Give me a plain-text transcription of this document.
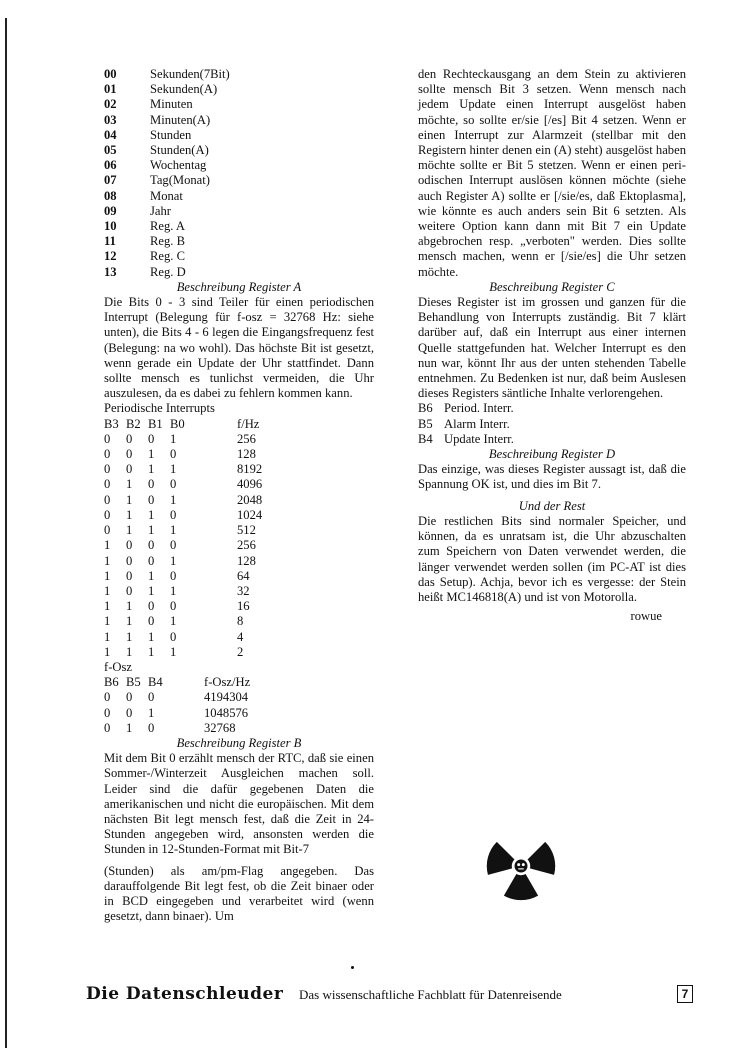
00	Sekunden(7Bit)
01	Sekunden(A)
02	Minuten
03	Minuten(A)
04	Stunden
05	Stunden(A)
06	Wochentag
07	Tag(Monat)
08	Monat
09	Jahr
10	Reg. A
11	Reg. B
12	Reg. C
13	Reg. D
Beschreibung Register A
Die Bits 0 - 3 sind Teiler für einen periodischen Interrupt (Belegung für f-osz = 32768 Hz: siehe unten), die Bits 4 - 6 legen die Eingangsfrequenz fest (Belegung: na wo wohl). Das höchste Bit ist gesetzt, wenn gerade ein Update der Uhr stattfindet. Dann sollte mensch es tunlichst vermeiden, die Uhr auszulesen, da es dabei zu fehlern kommen kann.
Periodische Interrupts
B3 B2 B1 B0	f/Hz
0	0	0	1	256
0	0	1	0	128
0	0	1	1	8192
0	1	0	0	4096
0	1	0	1	2048
0	1	1	0	1024
0	1	1	1	512
1	0	0	0	256
1	0	0	1	128
1	0	1	0	64
1	0	1	1	32
1	1	0	0	16
1	1	0	1	8
1	1	1	0	4
1	1	1	1	2
f-Osz
B6 B5 B4	f-Osz/Hz
0	0	0	4194304
0	0	1	1048576
0	1	0	32768
Beschreibung Register B
Mit dem Bit 0 erzählt mensch der RTC, daß sie einen Sommer-/Winterzeit Ausgleichen machen soll. Leider sind die dafür gegebenen Daten die amerikanischen und nicht die europäischen. Mit dem nächsten Bit legt mensch fest, daß die Zeit in 24-Stunden angegeben wird, ansonsten werden die Stunden in 12-Stunden-Format mit Bit-7
(Stunden) als am/pm-Flag angegeben. Das darauffolgende Bit legt fest, ob die Zeit binaer oder in BCD eingegeben und verarbeitet wird (wenn gesetzt, dann binaer). Um
den Rechteckausgang an dem Stein zu aktivieren sollte mensch Bit 3 setzen. Wenn mensch nach jedem Update einen Interrupt ausgelöst haben möchte, so sollte er/sie [/es] Bit 4 setzen. Wenn er einen Interrupt zur Alarmzeit (stellbar mit den Registern hinter denen ein (A) steht) ausgelöst haben möchte sollte er Bit 5 stetzen. Wenn er einen periodischen Interrupt auslösen können möchte (siehe auch Register A) sollte er [/sie/es, daß Ektoplasma], wie könnte es auch anders sein Bit 6 setzten. Als weitere Option kann dann mit Bit 7 ein Update abgebrochen resp. „verboten" werden. Dies sollte mensch machen, wenn er [/sie/es] die Uhr setzen möchte.
Beschreibung Register C
Dieses Register ist im grossen und ganzen für die Behandlung von Interrupts zuständig. Bit 7 klärt darüber auf, daß ein Interrupt aus einer internen Quelle stattgefunden hat. Welcher Interrupt es den nun war, könnt Ihr aus der unten stehenden Tabelle entnehmen. Zu Bedenken ist nur, daß beim Auslesen dieses Registers säntliche Inhalte verlorengehen.
B6 Period. Interr.
B5 Alarm Interr.
B4 Update Interr.
Beschreibung Register D
Das einzige, was dieses Register aussagt ist, daß die Spannung OK ist, und dies im Bit 7.
Und der Rest
Die restlichen Bits sind normaler Speicher, und können, da es unratsam ist, die Uhr abzuschalten zum Speichern von Daten verwendet werden, die länger verwendet werden sollen (im PC-AT ist dies das Setup). Achja, bevor ich es vergesse: der Stein heißt MC146818(A) und ist von Motorolla.
rowue
Die Datenschleuder Das wissenschaftliche Fachblatt für Datenreisende	7
